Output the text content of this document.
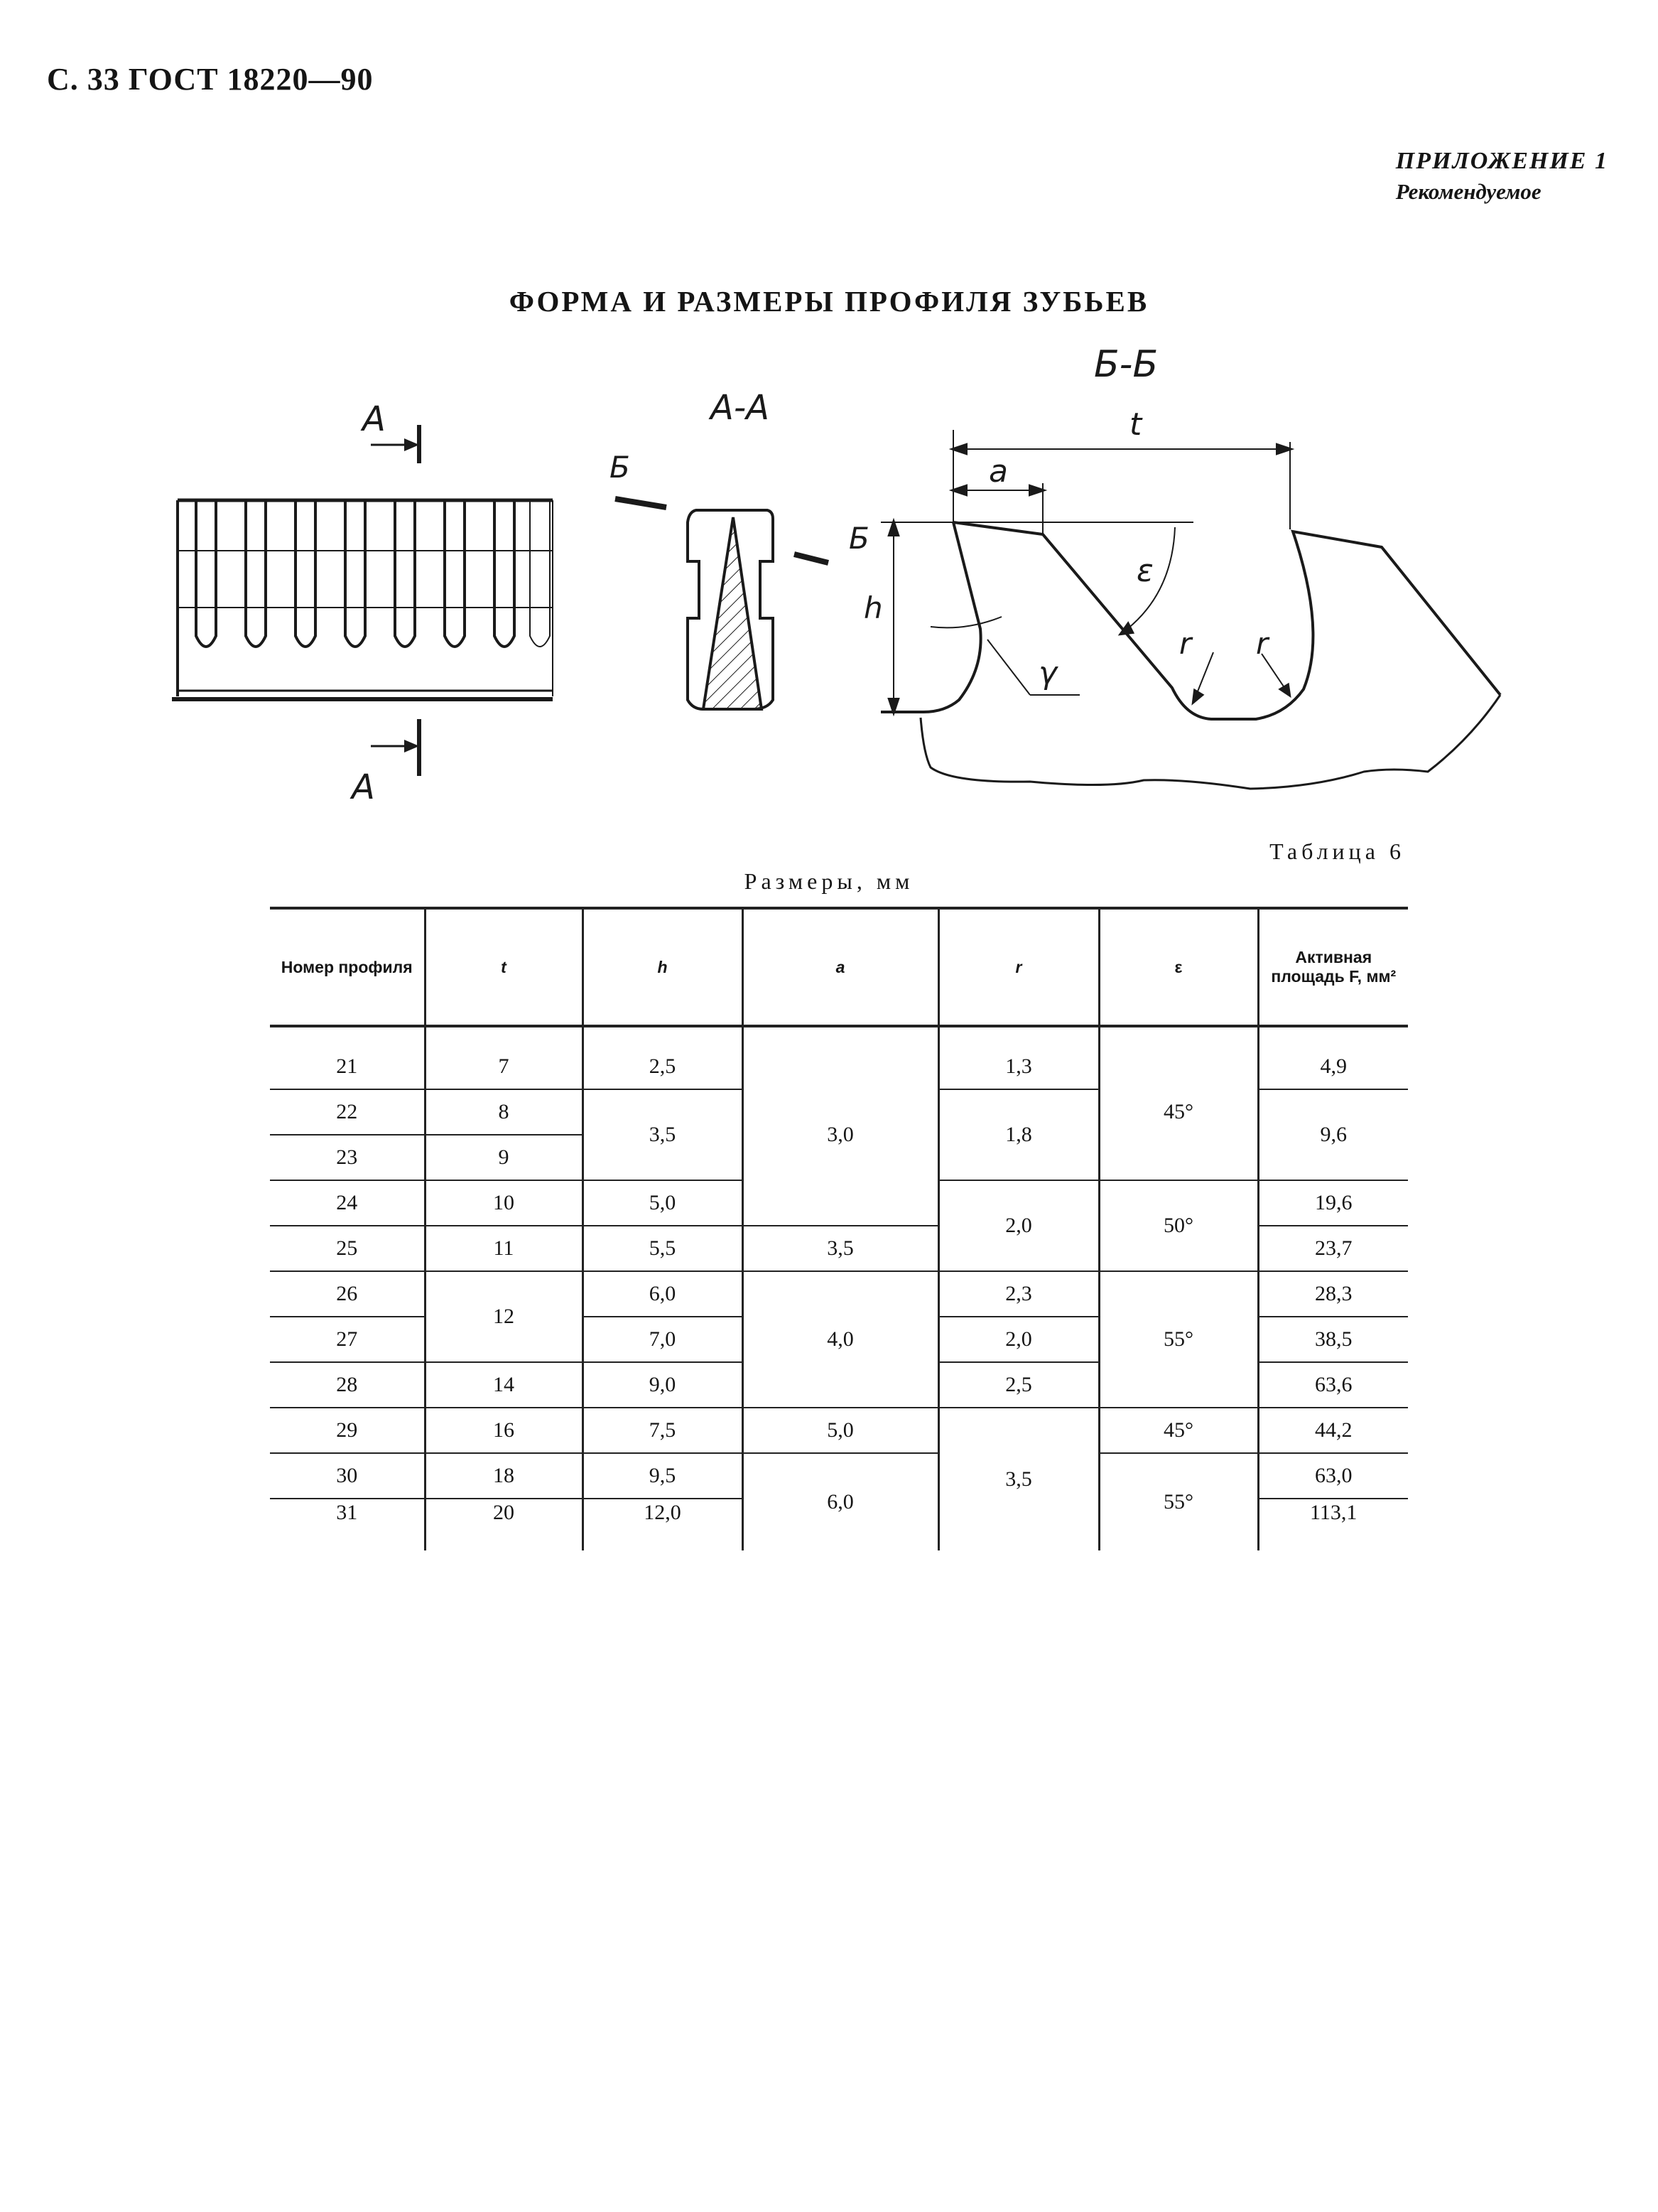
С. 33 ГОСТ 18220—90
ПРИЛОЖЕНИЕ 1
Рекомендуемое
ФОРМА И РАЗМЕРЫ ПРОФИЛЯ ЗУБЬЕВ
А
А
А-А
Б-Б
Б
Б
t
a
h
ε
γ
r r
Таблица 6
Размеры, мм
Номер профиля	t	h	a	r	ε	Активная площадь F, мм²

21	7	2,5	3,0	1,3	45°	4,9
22	8	3,5		1,8		9,6
23	9					
24	10	5,0		2,0	50°	19,6
25	11	5,5	3,5			23,7
26	12	6,0	4,0	2,3	55°	28,3
27		7,0		2,0		38,5
28	14	9,0		2,5		63,6
29	16	7,5	5,0	3,5	45°	44,2
30	18	9,5	6,0		55°	63,0
31	20	12,0				113,1
